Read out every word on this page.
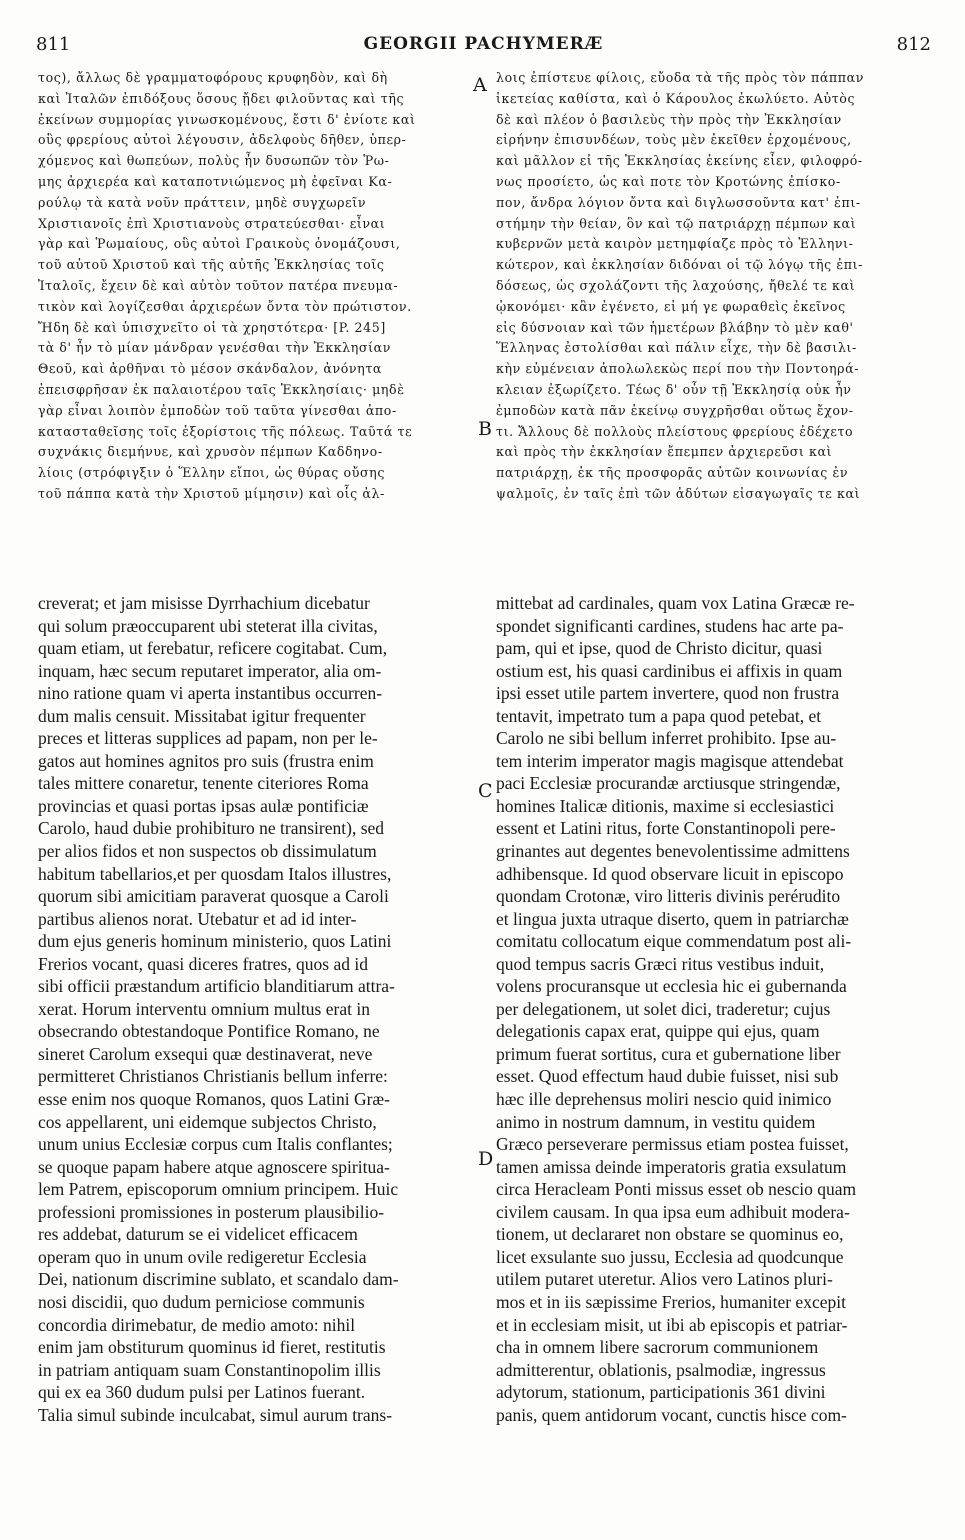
811	GEORGII PACHYMERÆ	812
τος), ἄλλως δὲ γραμματοφόρους κρυφηδὸν, καὶ δὴ
καὶ Ἰταλῶν ἐπιδόξους ὅσους ᾔδει φιλοῦντας καὶ τῆς
ἐκείνων συμμορίας γινωσκομένους, ἔστι δ' ἐνίοτε καὶ
οὓς φρερίους αὐτοὶ λέγουσιν, ἀδελφοὺς δῆθεν, ὑπερ-
χόμενος καὶ θωπεύων, πολὺς ἦν δυσωπῶν τὸν Ῥω-
μης ἀρχιερέα καὶ καταποτνιώμενος μὴ ἐφεῖναι Κα-
ρούλῳ τὰ κατὰ νοῦν πράττειν, μηδὲ συγχωρεῖν
Χριστιανοῖς ἐπὶ Χριστιανοὺς στρατεύεσθαι· εἶναι
γὰρ καὶ Ῥωμαίους, οὓς αὐτοὶ Γραικοὺς ὀνομάζουσι,
τοῦ αὐτοῦ Χριστοῦ καὶ τῆς αὐτῆς Ἐκκλησίας τοῖς
Ἰταλοῖς, ἔχειν δὲ καὶ αὐτὸν τοῦτον πατέρα πνευμα-
τικὸν καὶ λογίζεσθαι ἀρχιερέων ὄντα τὸν πρώτιστον.
Ἤδη δὲ καὶ ὑπισχνεῖτο οἱ τὰ χρηστότερα· [P. 245]
τὰ δ' ἦν τὸ μίαν μάνδραν γενέσθαι τὴν Ἐκκλησίαν
Θεοῦ, καὶ ἀρθῆναι τὸ μέσον σκάνδαλον, ἀνόνητα
ἐπεισφρῆσαν ἐκ παλαιοτέρου ταῖς Ἐκκλησίαις· μηδὲ
γὰρ εἶναι λοιπὸν ἐμποδὼν τοῦ ταῦτα γίνεσθαι ἀπο-
κατασταθεῖσης τοῖς ἐξορίστοις τῆς πόλεως. Ταῦτά τε
συχνάκις διεμήνυε, καὶ χρυσὸν πέμπων Καδδηνο-
λίοις (στρόφιγξιν ὁ Ἕλλην εἴποι, ὡς θύρας οὔσης
τοῦ πάππα κατὰ τὴν Χριστοῦ μίμησιν) καὶ οἷς ἀλ-
λοις ἐπίστευε φίλοις, εὔοδα τὰ τῆς πρὸς τὸν πάππαν
ἱκετείας καθίστα, καὶ ὁ Κάρουλος ἐκωλύετο. Αὐτὸς
δὲ καὶ πλέον ὁ βασιλεὺς τὴν πρὸς τὴν Ἐκκλησίαν
εἰρήνην ἐπισυνδέων, τοὺς μὲν ἐκεῖθεν ἐρχομένους,
καὶ μᾶλλον εἰ τῆς Ἐκκλησίας ἐκείνης εἶεν, φιλοφρό-
νως προσίετο, ὡς καὶ ποτε τὸν Κροτώνης ἐπίσκο-
πον, ἄνδρα λόγιον ὄντα καὶ διγλωσσοῦντα κατ' ἐπι-
στήμην τὴν θείαν, ὃν καὶ τῷ πατριάρχῃ πέμπων καὶ
κυβερνῶν μετὰ καιρὸν μετημφίαζε πρὸς τὸ Ἑλληνι-
κώτερον, καὶ ἐκκλησίαν διδόναι οἱ τῷ λόγῳ τῆς ἐπι-
δόσεως, ὡς σχολάζοντι τῆς λαχούσης, ἤθελέ τε καὶ
ᾠκονόμει· κἂν ἐγένετο, εἰ μή γε φωραθεὶς ἐκεῖνος
εἰς δύσνοιαν καὶ τῶν ἡμετέρων βλάβην τὸ μὲν καθ'
Ἕλληνας ἐστολίσθαι καὶ πάλιν εἶχε, τὴν δὲ βασιλι-
κὴν εὐμένειαν ἀπολωλεκὼς περί που τὴν Ποντοηρά-
κλειαν ἐξωρίζετο. Τέως δ' οὖν τῇ Ἐκκλησίᾳ οὐκ ἦν
ἐμποδὼν κατὰ πᾶν ἐκείνῳ συγχρῆσθαι οὕτως ἔχον-
τι. Ἄλλους δὲ πολλοὺς πλείστους φρερίους ἐδέχετο
καὶ πρὸς τὴν ἐκκλησίαν ἔπεμπεν ἀρχιερεῦσι καὶ
πατριάρχῃ, ἐκ τῆς προσφορᾶς αὐτῶν κοινωνίας ἐν
ψαλμοῖς, ἐν ταῖς ἐπὶ τῶν ἀδύτων εἰσαγωγαῖς τε καὶ
creverat; et jam misisse Dyrrhachium dicebatur
qui solum præoccuparent ubi steterat illa civitas,
quam etiam, ut ferebatur, reficere cogitabat. Cum,
inquam, hæc secum reputaret imperator, alia om-
nino ratione quam vi aperta instantibus occurren-
dum malis censuit. Missitabat igitur frequenter
preces et litteras supplices ad papam, non per le-
gatos aut homines agnitos pro suis (frustra enim
tales mittere conaretur, tenente citeriores Roma
provincias et quasi portas ipsas aulæ pontificiæ
Carolo, haud dubie prohibituro ne transirent), sed
per alios fidos et non suspectos ob dissimulatum
habitum tabellarios,et per quosdam Italos illustres,
quorum sibi amicitiam paraverat quosque a Caroli
partibus alienos norat. Utebatur et ad id inter-
dum ejus generis hominum ministerio, quos Latini
Frerios vocant, quasi diceres fratres, quos ad id
sibi officii præstandum artificio blanditiarum attra-
xerat. Horum interventu omnium multus erat in
obsecrando obtestandoque Pontifice Romano, ne
sineret Carolum exsequi quæ destinaverat, neve
permitteret Christianos Christianis bellum inferre:
esse enim nos quoque Romanos, quos Latini Græ-
cos appellarent, uni eidemque subjectos Christo,
unum unius Ecclesiæ corpus cum Italis conflantes;
se quoque papam habere atque agnoscere spiritua-
lem Patrem, episcoporum omnium principem. Huic
professioni promissiones in posterum plausibilio-
res addebat, daturum se ei videlicet efficacem
operam quo in unum ovile redigeretur Ecclesia
Dei, nationum discrimine sublato, et scandalo dam-
nosi discidii, quo dudum perniciose communis
concordia dirimebatur, de medio amoto: nihil
enim jam obstiturum quominus id fieret, restitutis
in patriam antiquam suam Constantinopolim illis
qui ex ea 360 dudum pulsi per Latinos fuerant.
Talia simul subinde inculcabat, simul aurum trans-
mittebat ad cardinales, quam vox Latina Græcæ re-
spondet significanti cardines, studens hac arte pa-
pam, qui et ipse, quod de Christo dicitur, quasi
ostium est, his quasi cardinibus ei affixis in quam
ipsi esset utile partem invertere, quod non frustra
tentavit, impetrato tum a papa quod petebat, et
Carolo ne sibi bellum inferret prohibito. Ipse au-
tem interim imperator magis magisque attendebat
paci Ecclesiæ procurandæ arctiusque stringendæ,
homines Italicæ ditionis, maxime si ecclesiastici
essent et Latini ritus, forte Constantinopoli pere-
grinantes aut degentes benevolentissime admittens
adhibensque. Id quod observare licuit in episcopo
quondam Crotonæ, viro litteris divinis perérudito
et lingua juxta utraque diserto, quem in patriarchæ
comitatu collocatum eique commendatum post ali-
quod tempus sacris Græci ritus vestibus induit,
volens procuransque ut ecclesia hic ei gubernanda
per delegationem, ut solet dici, traderetur; cujus
delegationis capax erat, quippe qui ejus, quam
primum fuerat sortitus, cura et gubernatione liber
esset. Quod effectum haud dubie fuisset, nisi sub
hæc ille deprehensus moliri nescio quid inimico
animo in nostrum damnum, in vestitu quidem
Græco perseverare permissus etiam postea fuisset,
tamen amissa deinde imperatoris gratia exsulatum
circa Heracleam Ponti missus esset ob nescio quam
civilem causam. In qua ipsa eum adhibuit modera-
tionem, ut declararet non obstare se quominus eo,
licet exsulante suo jussu, Ecclesia ad quodcunque
utilem putaret uteretur. Alios vero Latinos pluri-
mos et in iis sæpissime Frerios, humaniter excepit
et in ecclesiam misit, ut ibi ab episcopis et patriar-
cha in omnem libere sacrorum communionem
admitterentur, oblationis, psalmodiæ, ingressus
adytorum, stationum, participationis 361 divini
panis, quem antidorum vocant, cunctis hisce com-
A
B
C
D
